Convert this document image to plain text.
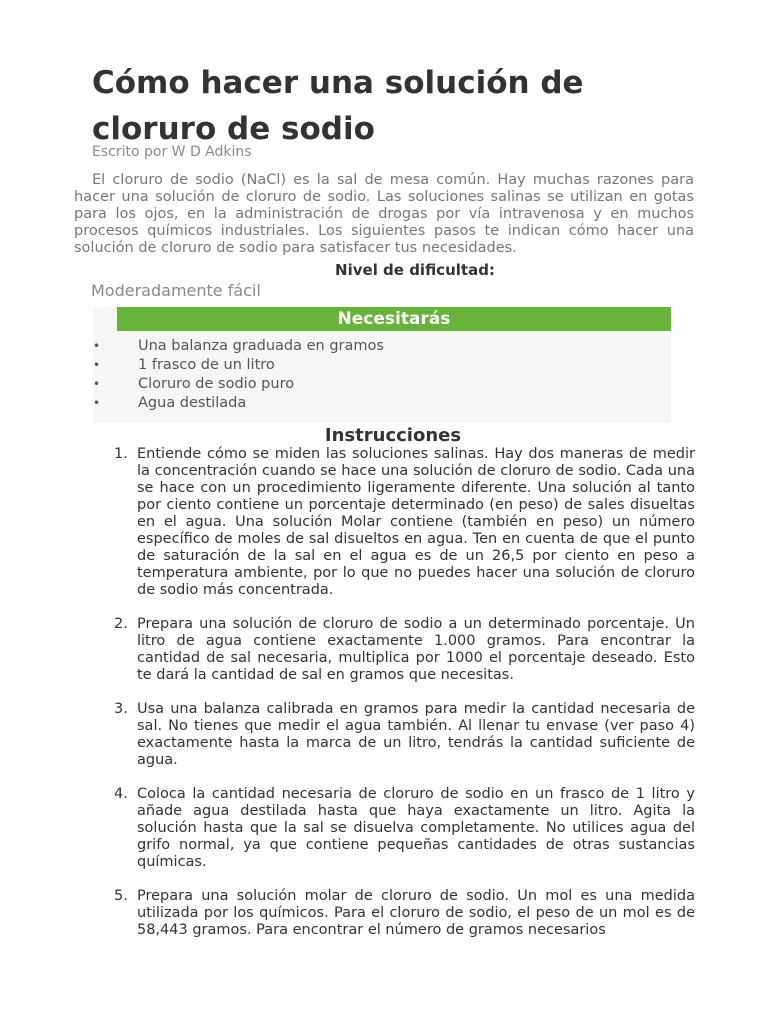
Cómo hacer una solución de cloruro de sodio
Escrito por W D Adkins

El cloruro de sodio (NaCl) es la sal de mesa común. Hay muchas razones para hacer una solución de cloruro de sodio. Las soluciones salinas se utilizan en gotas para los ojos, en la administración de drogas por vía intravenosa y en muchos procesos químicos industriales. Los siguientes pasos te indican cómo hacer una solución de cloruro de sodio para satisfacer tus necesidades.

Nivel de dificultad:
Moderadamente fácil
Necesitarás
•	Una balanza graduada en gramos
•	1 frasco de un litro
•	Cloruro de sodio puro
•	Agua destilada
Instrucciones
1. Entiende cómo se miden las soluciones salinas. Hay dos maneras de medir la concentración cuando se hace una solución de cloruro de sodio. Cada una se hace con un procedimiento ligeramente diferente. Una solución al tanto por ciento contiene un porcentaje determinado (en peso) de sales disueltas en el agua. Una solución Molar contiene (también en peso) un número específico de moles de sal disueltos en agua. Ten en cuenta de que el punto de saturación de la sal en el agua es de un 26,5 por ciento en peso a temperatura ambiente, por lo que no puedes hacer una solución de cloruro de sodio más concentrada.
2. Prepara una solución de cloruro de sodio a un determinado porcentaje. Un litro de agua contiene exactamente 1.000 gramos. Para encontrar la cantidad de sal necesaria, multiplica por 1000 el porcentaje deseado. Esto te dará la cantidad de sal en gramos que necesitas.
3. Usa una balanza calibrada en gramos para medir la cantidad necesaria de sal. No tienes que medir el agua también. Al llenar tu envase (ver paso 4) exactamente hasta la marca de un litro, tendrás la cantidad suficiente de agua.
4. Coloca la cantidad necesaria de cloruro de sodio en un frasco de 1 litro y añade agua destilada hasta que haya exactamente un litro. Agita la solución hasta que la sal se disuelva completamente. No utilices agua del grifo normal, ya que contiene pequeñas cantidades de otras sustancias químicas.
5. Prepara una solución molar de cloruro de sodio. Un mol es una medida utilizada por los químicos. Para el cloruro de sodio, el peso de un mol es de 58,443 gramos. Para encontrar el número de gramos necesarios
